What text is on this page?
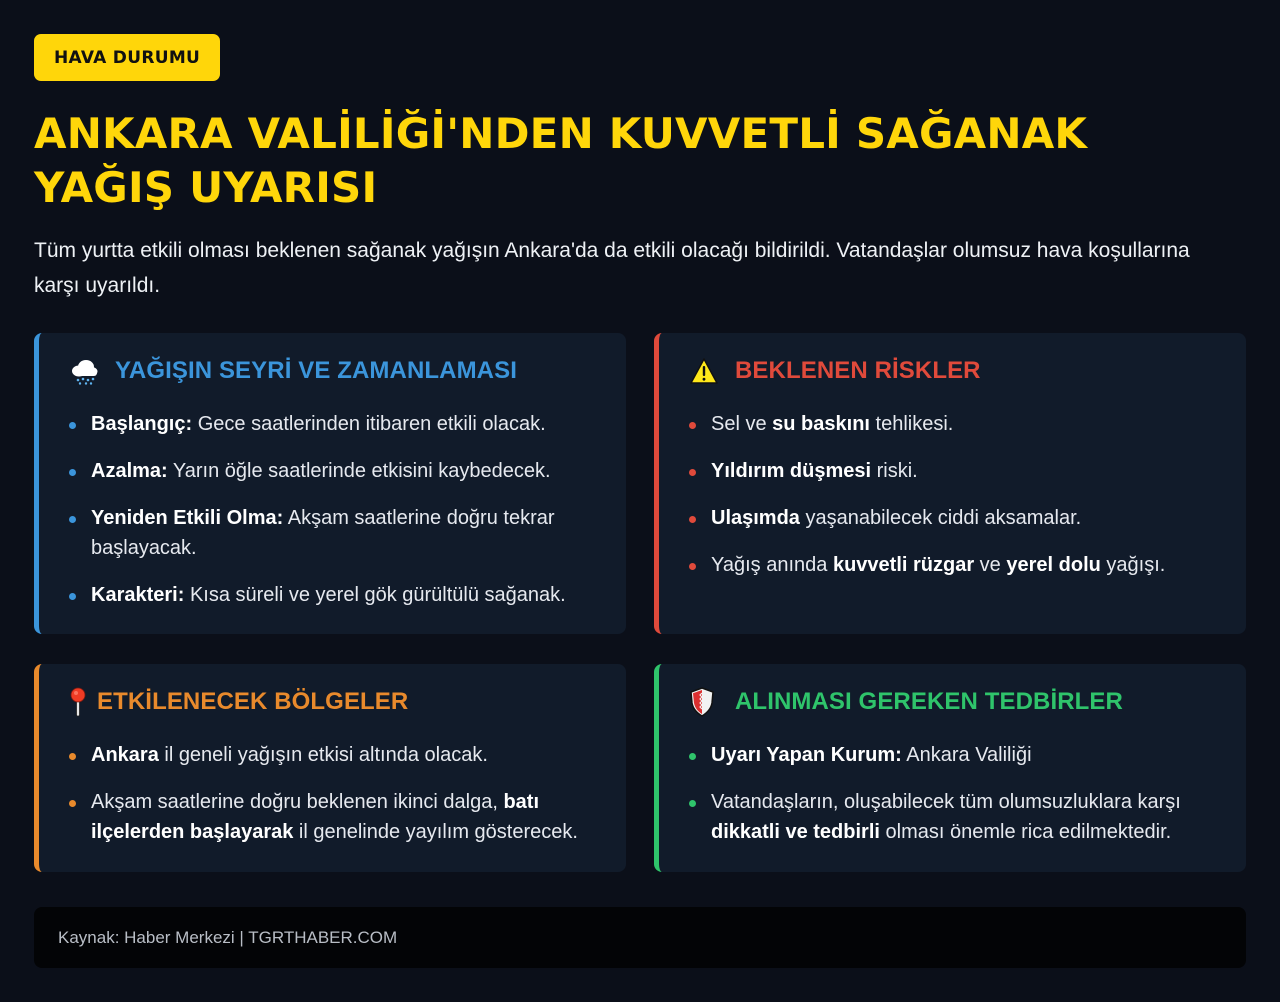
HAVA DURUMU
ANKARA VALİLİĞİ'NDEN KUVVETLİ SAĞANAK YAĞIŞ UYARISI

Tüm yurtta etkili olması beklenen sağanak yağışın Ankara'da da etkili olacağı bildirildi. Vatandaşlar olumsuz hava koşullarına karşı uyarıldı.

YAĞIŞIN SEYRİ VE ZAMANLAMASI
Başlangıç: Gece saatlerinden itibaren etkili olacak.
Azalma: Yarın öğle saatlerinde etkisini kaybedecek.
Yeniden Etkili Olma: Akşam saatlerine doğru tekrar başlayacak.
Karakteri: Kısa süreli ve yerel gök gürültülü sağanak.
BEKLENEN RİSKLER
Sel ve su baskını tehlikesi.
Yıldırım düşmesi riski.
Ulaşımda yaşanabilecek ciddi aksamalar.
Yağış anında kuvvetli rüzgar ve yerel dolu yağışı.
ETKİLENECEK BÖLGELER
Ankara il geneli yağışın etkisi altında olacak.
Akşam saatlerine doğru beklenen ikinci dalga, batı ilçelerden başlayarak il genelinde yayılım gösterecek.
ALINMASI GEREKEN TEDBİRLER
Uyarı Yapan Kurum: Ankara Valiliği
Vatandaşların, oluşabilecek tüm olumsuzluklara karşı dikkatli ve tedbirli olması önemle rica edilmektedir.
Kaynak: Haber Merkezi | TGRTHABER.COM
